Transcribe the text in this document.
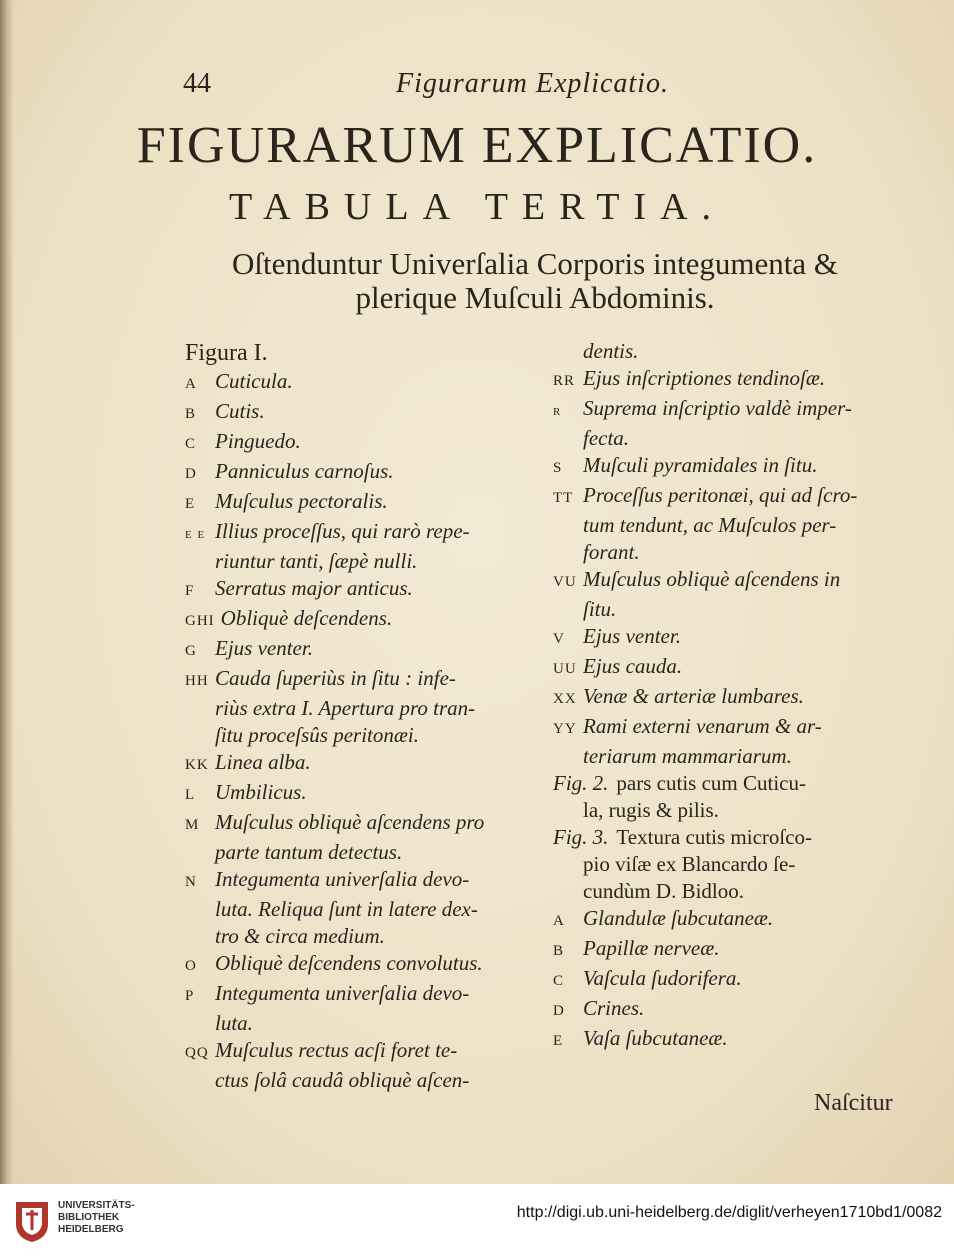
44	Figurarum Explicatio.
FIGURARUM EXPLICATIO.
TABULA TERTIA.
Oſtenduntur Univerſalia Corporis integumenta &
plerique Muſculi Abdominis.
Figura I.
A Cuticula.
B Cutis.
C Pinguedo.
D Panniculus carnoſus.
E Muſculus pectoralis.
e e Illius proceſſus, qui rarò repe-
riuntur tanti, ſæpè nulli.
F Serratus major anticus.
GHI Obliquè deſcendens.
G Ejus venter.
HH Cauda ſuperiùs in ſitu : infe-
riùs extra I. Apertura pro tran-
ſitu proceſsûs peritonæi.
KK Linea alba.
L Umbilicus.
M Muſculus obliquè aſcendens pro
parte tantum detectus.
N Integumenta univerſalia devo-
luta. Reliqua ſunt in latere dex-
tro & circa medium.
O Obliquè deſcendens convolutus.
P Integumenta univerſalia devo-
luta.
QQ Muſculus rectus acſi foret te-
ctus ſolâ caudâ obliquè aſcen-
dentis.
RR Ejus inſcriptiones tendinoſæ.
r Suprema inſcriptio valdè imper-
fecta.
S Muſculi pyramidales in ſitu.
TT Proceſſus peritonæi, qui ad ſcro-
tum tendunt, ac Muſculos per-
forant.
VU Muſculus obliquè aſcendens in
ſitu.
V Ejus venter.
UU Ejus cauda.
XX Venæ & arteriæ lumbares.
YY Rami externi venarum & ar-
teriarum mammariarum.
Fig. 2. pars cutis cum Cuticu-
la, rugis & pilis.
Fig. 3. Textura cutis microſco-
pio viſæ ex Blancardo ſe-
cundùm D. Bidloo.
A Glandulæ ſubcutaneæ.
B Papillæ nerveæ.
C Vaſcula ſudorifera.
D Crines.
E Vaſa ſubcutaneæ.
Naſcitur
UNIVERSITÄTS-
BIBLIOTHEK
HEIDELBERG
http://digi.ub.uni-heidelberg.de/diglit/verheyen1710bd1/0082
